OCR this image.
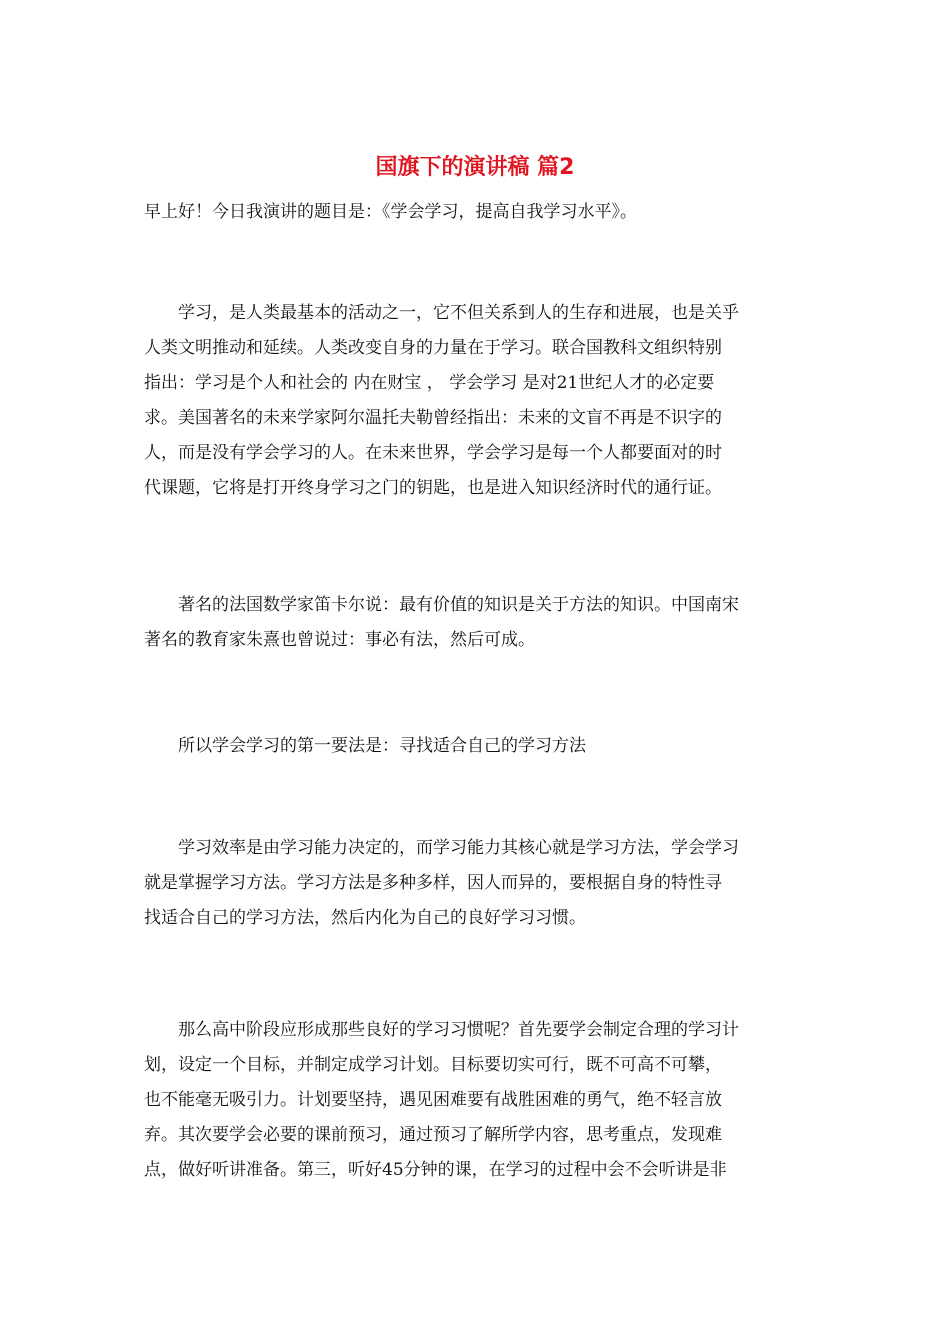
国旗下的演讲稿 篇2
早上好！今日我演讲的题目是：《学会学习，提高自我学习水平》。
　　学习，是人类最基本的活动之一，它不但关系到人的生存和进展，也是关乎
人类文明推动和延续。人类改变自身的力量在于学习。联合国教科文组织特别
指出：学习是个人和社会的 内在财宝 ， 学会学习 是对21世纪人才的必定要
求。美国著名的未来学家阿尔温托夫勒曾经指出：未来的文盲不再是不识字的
人，而是没有学会学习的人。在未来世界，学会学习是每一个人都要面对的时
代课题，它将是打开终身学习之门的钥匙，也是进入知识经济时代的通行证。
　　著名的法国数学家笛卡尔说：最有价值的知识是关于方法的知识。中国南宋
著名的教育家朱熹也曾说过：事必有法，然后可成。
　　所以学会学习的第一要法是：寻找适合自己的学习方法
　　学习效率是由学习能力决定的，而学习能力其核心就是学习方法，学会学习
就是掌握学习方法。学习方法是多种多样，因人而异的，要根据自身的特性寻
找适合自己的学习方法，然后内化为自己的良好学习习惯。
　　那么高中阶段应形成那些良好的学习习惯呢？首先要学会制定合理的学习计
划，设定一个目标，并制定成学习计划。目标要切实可行，既不可高不可攀，
也不能毫无吸引力。计划要坚持，遇见困难要有战胜困难的勇气，绝不轻言放
弃。其次要学会必要的课前预习，通过预习了解所学内容，思考重点，发现难
点，做好听讲准备。第三，听好45分钟的课，在学习的过程中会不会听讲是非
